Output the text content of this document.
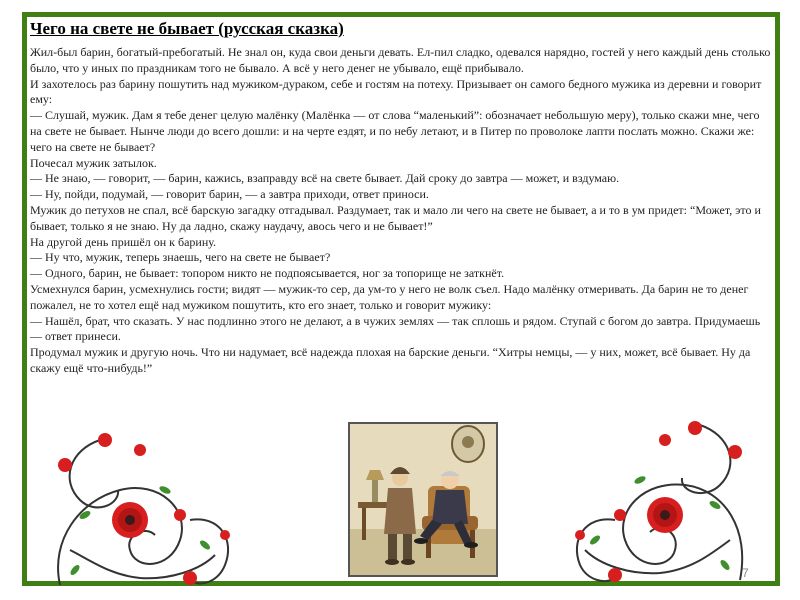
Чего на свете не бывает (русская сказка)
Жил-был барин, богатый-пребогатый. Не знал он, куда свои деньги девать. Ел-пил сладко, одевался нарядно, гостей у него каждый день столько было, что у иных по праздникам того не бывало. А всё у него денег не убывало, ещё прибывало.
И захотелось раз барину пошутить над мужиком-дураком, себе и гостям на потеху. Призывает он самого бедного мужика из деревни и говорит ему:
— Слушай, мужик. Дам я тебе денег целую малёнку (Малёнка — от слова “маленький”: обозначает небольшую меру), только скажи мне, чего на свете не бывает. Нынче люди до всего дошли: и на черте ездят, и по небу летают, и в Питер по проволоке лапти послать можно. Скажи же: чего на свете не бывает?
Почесал мужик затылок.
— Не знаю, — говорит, — барин, кажись, взаправду всё на свете бывает. Дай сроку до завтра — может, и вздумаю.
— Ну, пойди, подумай, — говорит барин, — а завтра приходи, ответ приноси.
Мужик до петухов не спал, всё барскую загадку отгадывал. Раздумает, так и мало ли чего на свете не бывает, а и то в ум придет: “Может, это и бывает, только я не знаю. Ну да ладно, скажу наудачу, авось чего и не бывает!”
На другой день пришёл он к барину.
— Ну что, мужик, теперь знаешь, чего на свете не бывает?
— Одного, барин, не бывает: топором никто не подпоясывается, ног за топорище не заткнёт.
Усмехнулся барин, усмехнулись гости; видят — мужик-то сер, да ум-то у него не волк съел. Надо малёнку отмеривать. Да барин не то денег пожалел, не то хотел ещё над мужиком пошутить, кто его знает, только и говорит мужику:
— Нашёл, брат, что сказать. У нас подлинно этого не делают, а в чужих землях — так сплошь и рядом. Ступай с богом до завтра. Придумаешь — ответ принеси.
Продумал мужик и другую ночь. Что ни надумает, всё надежда плохая на барские деньги. “Хитры немцы, — у них, может, всё бывает. Ну да скажу ещё что-нибудь!”
7
